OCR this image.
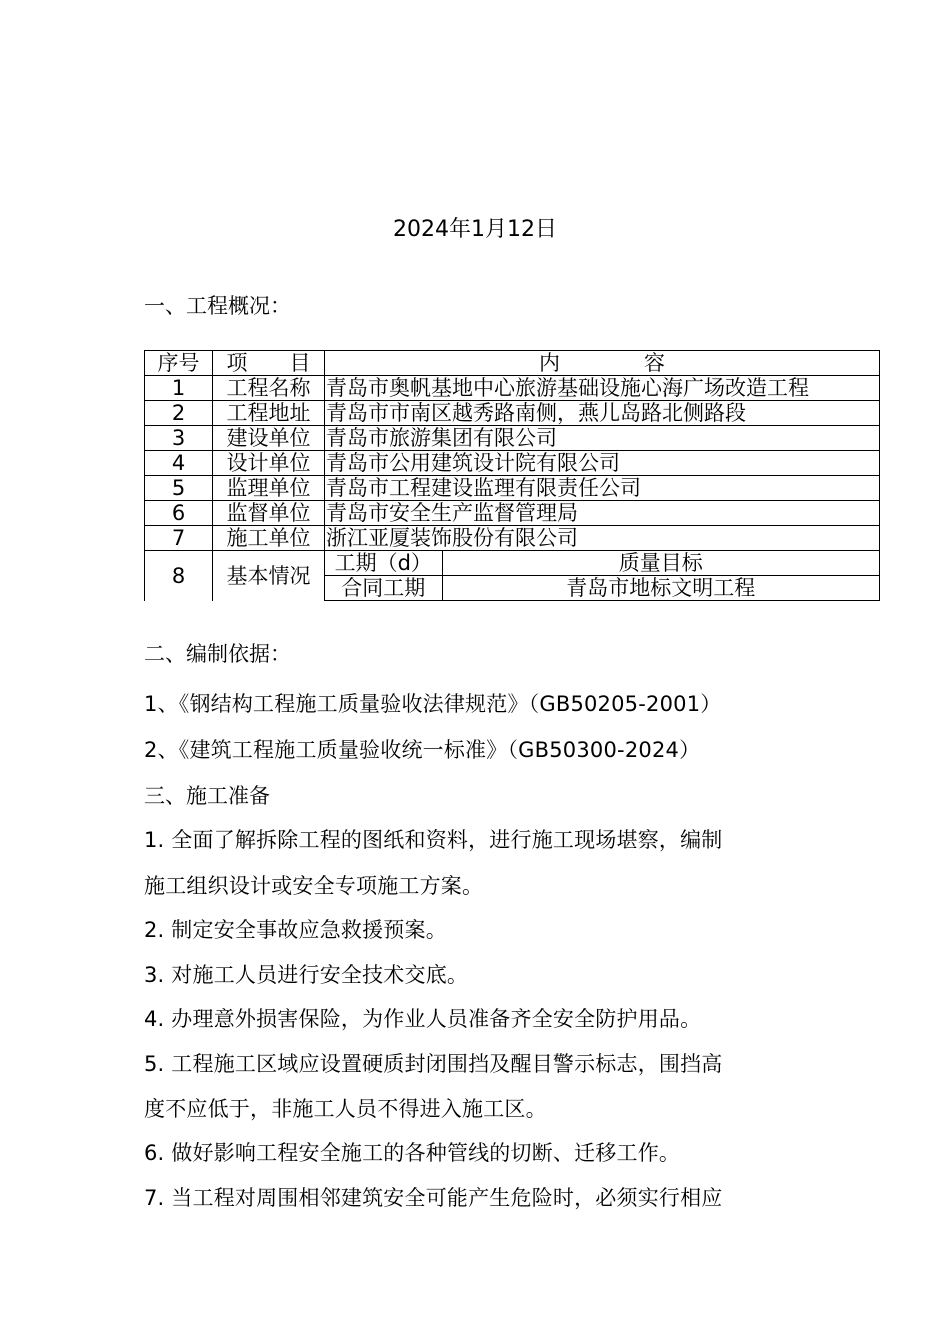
2024年1月12日
一、工程概况：
序号	项　　目	内　　　　容
1	工程名称	青岛市奥帆基地中心旅游基础设施心海广场改造工程
2	工程地址	青岛市市南区越秀路南侧，燕儿岛路北侧路段
3	建设单位	青岛市旅游集团有限公司
4	设计单位	青岛市公用建筑设计院有限公司
5	监理单位	青岛市工程建设监理有限责任公司
6	监督单位	青岛市安全生产监督管理局
7	施工单位	浙江亚厦装饰股份有限公司
8	基本情况	
工期（d）	质量目标
合同工期	青岛市地标文明工程
二、编制依据：
1、《钢结构工程施工质量验收法律规范》（GB50205-2001）
2、《建筑工程施工质量验收统一标准》（GB50300-2024）
三、施工准备
1. 全面了解拆除工程的图纸和资料，进行施工现场堪察，编制
施工组织设计或安全专项施工方案。
2. 制定安全事故应急救援预案。
3. 对施工人员进行安全技术交底。
4. 办理意外损害保险，为作业人员准备齐全安全防护用品。
5. 工程施工区域应设置硬质封闭围挡及醒目警示标志，围挡高
度不应低于，非施工人员不得进入施工区。
6. 做好影响工程安全施工的各种管线的切断、迁移工作。
7. 当工程对周围相邻建筑安全可能产生危险时，必须实行相应
